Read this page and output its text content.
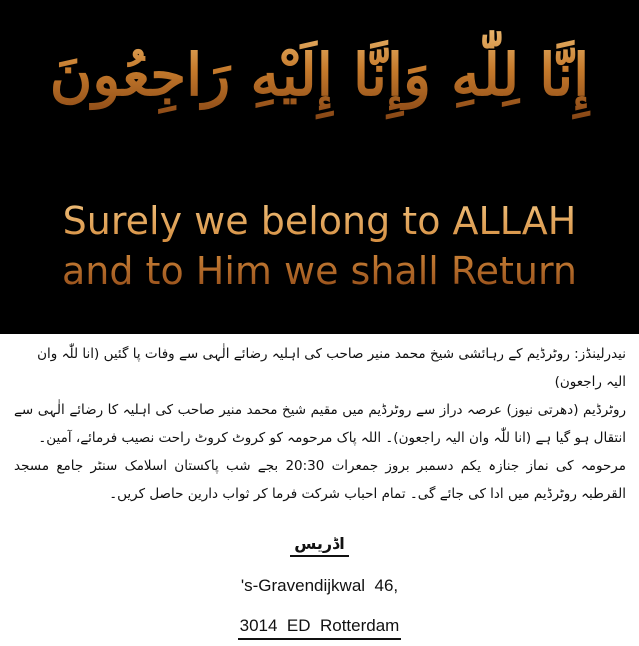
إِنَّا لِلّٰهِ وَإِنَّا إِلَيْهِ رَاجِعُونَ
Surely we belong to ALLAH
and to Him we shall Return

نیدرلینڈز: روٹرڈیم کے رہائشی شیخ محمد منیر صاحب کی اہلیہ رضائے الٰہی سے وفات پا گئیں (انا للّٰہ وان الیہ راجعون)

روٹرڈیم (دھرتی نیوز) عرصہ دراز سے روٹرڈیم میں مقیم شیخ محمد منیر صاحب کی اہلیہ کا رضائے الٰہی سے انتقال ہو گیا ہے (انا للّٰہ وان الیہ راجعون)۔ اللہ پاک مرحومہ کو کروٹ کروٹ راحت نصیب فرمائے، آمین۔

مرحومہ کی نماز جنازہ یکم دسمبر بروز جمعرات 20:30 بجے شب پاکستان اسلامک سنٹر جامع مسجد القرطبہ روٹرڈیم میں ادا کی جائے گی۔ تمام احباب شرکت فرما کر ثواب دارین حاصل کریں۔

اڈریس
's-Gravendijkwal  46,
3014  ED  Rotterdam
